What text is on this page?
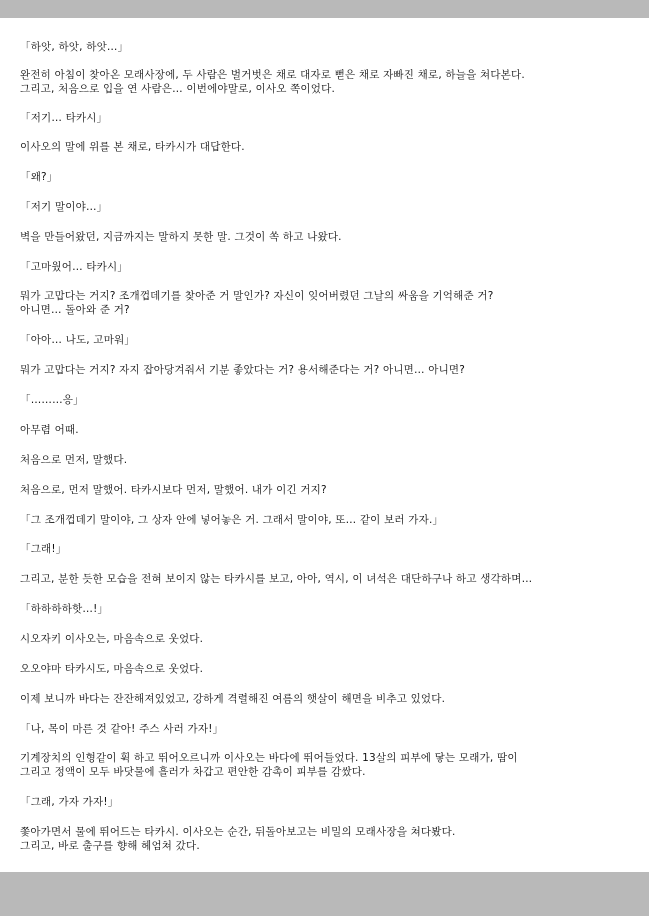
「하앗, 하앗, 하앗…」

완전히 아침이 찾아온 모래사장에, 두 사람은 벌거벗은 채로 대자로 뻗은 채로 자빠진 채로, 하늘을 쳐다본다.

그리고, 처음으로 입을 연 사람은… 이번에야말로, 이사오 쪽이었다.

「저기… 타카시」

이사오의 말에 위를 본 채로, 타카시가 대답한다.

「왜?」

「저기 말이야…」

벽을 만들어왔던, 지금까지는 말하지 못한 말. 그것이 쏙 하고 나왔다.

「고마웠어… 타카시」

뭐가 고맙다는 거지? 조개껍데기를 찾아준 거 말인가? 자신이 잊어버렸던 그날의 싸움을 기억해준 거?

아니면… 돌아와 준 거?

「아아… 나도, 고마워」

뭐가 고맙다는 거지? 자지 잡아당겨줘서 기분 좋았다는 거? 용서해준다는 거? 아니면… 아니면?

「………응」

아무렴 어때.

처음으로 먼저, 말했다.

처음으로, 먼저 말했어. 타카시보다 먼저, 말했어. 내가 이긴 거지?

「그 조개껍데기 말이야, 그 상자 안에 넣어놓은 거. 그래서 말이야, 또… 같이 보러 가자.」

「그래!」

그리고, 분한 듯한 모습을 전혀 보이지 않는 타카시를 보고, 아아, 역시, 이 녀석은 대단하구나 하고 생각하며…

「하하하하핫…!」

시오자키 이사오는, 마음속으로 웃었다.

오오야마 타카시도, 마음속으로 웃었다.

이제 보니까 바다는 잔잔해져있었고, 강하게 격렬해진 여름의 햇살이 해면을 비추고 있었다.

「나, 목이 마른 것 같아! 주스 사러 가자!」

기계장치의 인형같이 휙 하고 뛰어오르니까 이사오는 바다에 뛰어들었다. 13살의 피부에 닿는 모래가, 땀이

그리고 정액이 모두 바닷물에 흘러가 차갑고 편안한 감촉이 피부를 감쌌다.

「그래, 가자 가자!」

쫓아가면서 물에 뛰어드는 타카시. 이사오는 순간, 뒤돌아보고는 비밀의 모래사장을 쳐다봤다.

그리고, 바로 출구를 향해 헤엄쳐 갔다.
